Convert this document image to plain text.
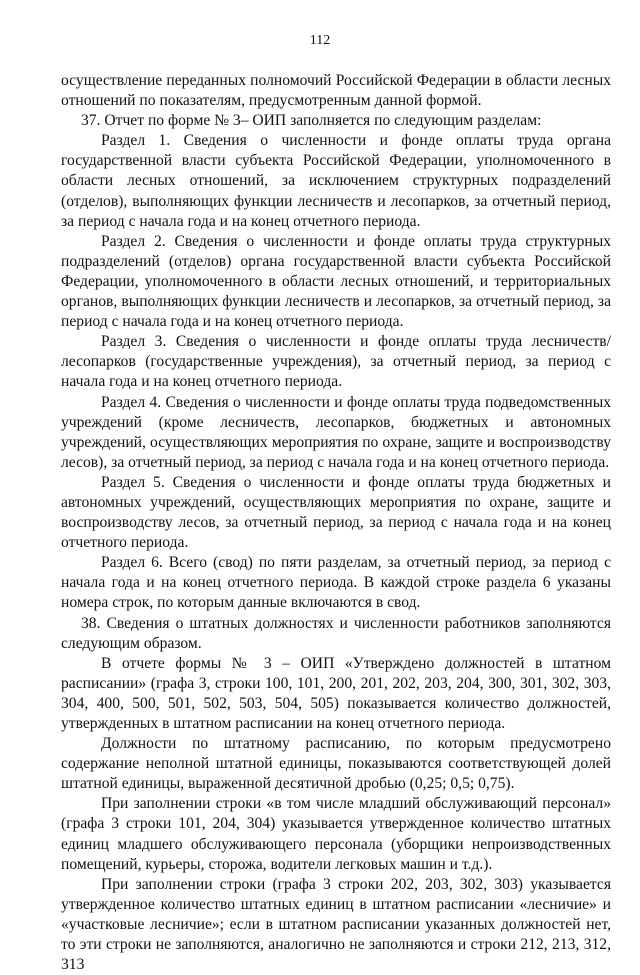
112

осуществление переданных полномочий Российской Федерации в области лесных отношений по показателям, предусмотренным данной формой.

37. Отчет по форме № 3– ОИП заполняется по следующим разделам:

Раздел 1. Сведения о численности и фонде оплаты труда органа государственной власти субъекта Российской Федерации, уполномоченного в области лесных отношений, за исключением структурных подразделений (отделов), выполняющих функции лесничеств и лесопарков, за отчетный период, за период с начала года и на конец отчетного периода.

Раздел 2. Сведения о численности и фонде оплаты труда структурных подразделений (отделов) органа государственной власти субъекта Российской Федерации, уполномоченного в области лесных отношений, и территориальных органов, выполняющих функции лесничеств и лесопарков, за отчетный период, за период с начала года и на конец отчетного периода.

Раздел 3. Сведения о численности и фонде оплаты труда лесничеств/лесопарков (государственные учреждения), за отчетный период, за период с начала года и на конец отчетного периода.

Раздел 4. Сведения о численности и фонде оплаты труда подведомственных учреждений (кроме лесничеств, лесопарков, бюджетных и автономных учреждений, осуществляющих мероприятия по охране, защите и воспроизводству лесов), за отчетный период, за период с начала года и на конец отчетного периода.

Раздел 5. Сведения о численности и фонде оплаты труда бюджетных и автономных учреждений, осуществляющих мероприятия по охране, защите и воспроизводству лесов, за отчетный период, за период с начала года и на конец отчетного периода.

Раздел 6. Всего (свод) по пяти разделам, за отчетный период, за период с начала года и на конец отчетного периода. В каждой строке раздела 6 указаны номера строк, по которым данные включаются в свод.

38. Сведения о штатных должностях и численности работников заполняются следующим образом.

В отчете формы № 3 – ОИП «Утверждено должностей в штатном расписании» (графа 3, строки 100, 101, 200, 201, 202, 203, 204, 300, 301, 302, 303, 304, 400, 500, 501, 502, 503, 504, 505) показывается количество должностей, утвержденных в штатном расписании на конец отчетного периода.

Должности по штатному расписанию, по которым предусмотрено содержание неполной штатной единицы, показываются соответствующей долей штатной единицы, выраженной десятичной дробью (0,25; 0,5; 0,75).

При заполнении строки «в том числе младший обслуживающий персонал» (графа 3 строки 101, 204, 304) указывается утвержденное количество штатных единиц младшего обслуживающего персонала (уборщики непроизводственных помещений, курьеры, сторожа, водители легковых машин и т.д.).

При заполнении строки (графа 3 строки 202, 203, 302, 303) указывается утвержденное количество штатных единиц в штатном расписании «лесничие» и «участковые лесничие»; если в штатном расписании указанных должностей нет, то эти строки не заполняются, аналогично не заполняются и строки 212, 213, 312, 313
